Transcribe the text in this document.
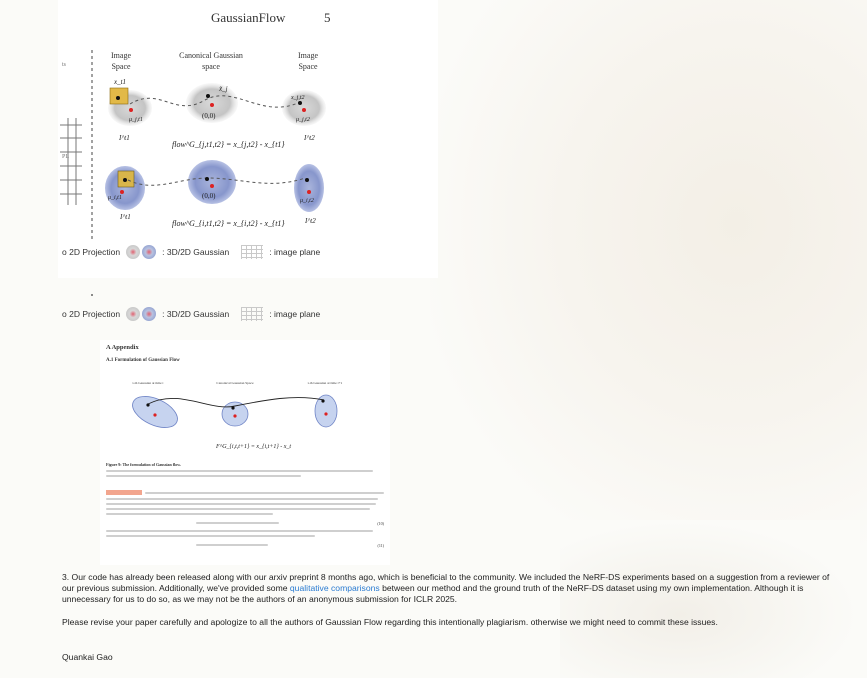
GaussianFlow	5
Image
Space
Canonical Gaussian
space
Image
Space
ts
PL
x_t1
x̃_j
x_j,t2
μ_j,t1	(0,0)	μ_j,t2
I^t1	I^t2
flow^G_{j,t1,t2} = x_{j,t2} - x_{t1}
μ_i,t1	(0,0)
μ_i,t2
I^t1	I^t2
flow^G_{i,t1,t2} = x_{i,t2} - x_{t1}
o 2D Projection	: 3D/2D Gaussian	: image plane
o 2D Projection	: 3D/2D Gaussian	: image plane
A Appendix
A.1 Formulation of Gaussian Flow
i-th Gaussian at time t	Canonical Gaussian Space	i-th Gaussian at time t+1
F^G_{i,t,t+1} = x_{i,t+1} - x_t
Figure 9: The formulation of Gaussian flow.
(10)
(11)
3. Our code has already been released along with our arxiv preprint 8 months ago, which is beneficial to the community. We included the NeRF-DS experiments based on a suggestion from a reviewer of our previous submission. Additionally, we've provided some qualitative comparisons between our method and the ground truth of the NeRF-DS dataset using my own implementation. Although it is unnecessary for us to do so, as we may not be the authors of an anonymous submission for ICLR 2025.
Please revise your paper carefully and apologize to all the authors of Gaussian Flow regarding this intentionally plagiarism. otherwise we might need to commit these issues.
Quankai Gao
